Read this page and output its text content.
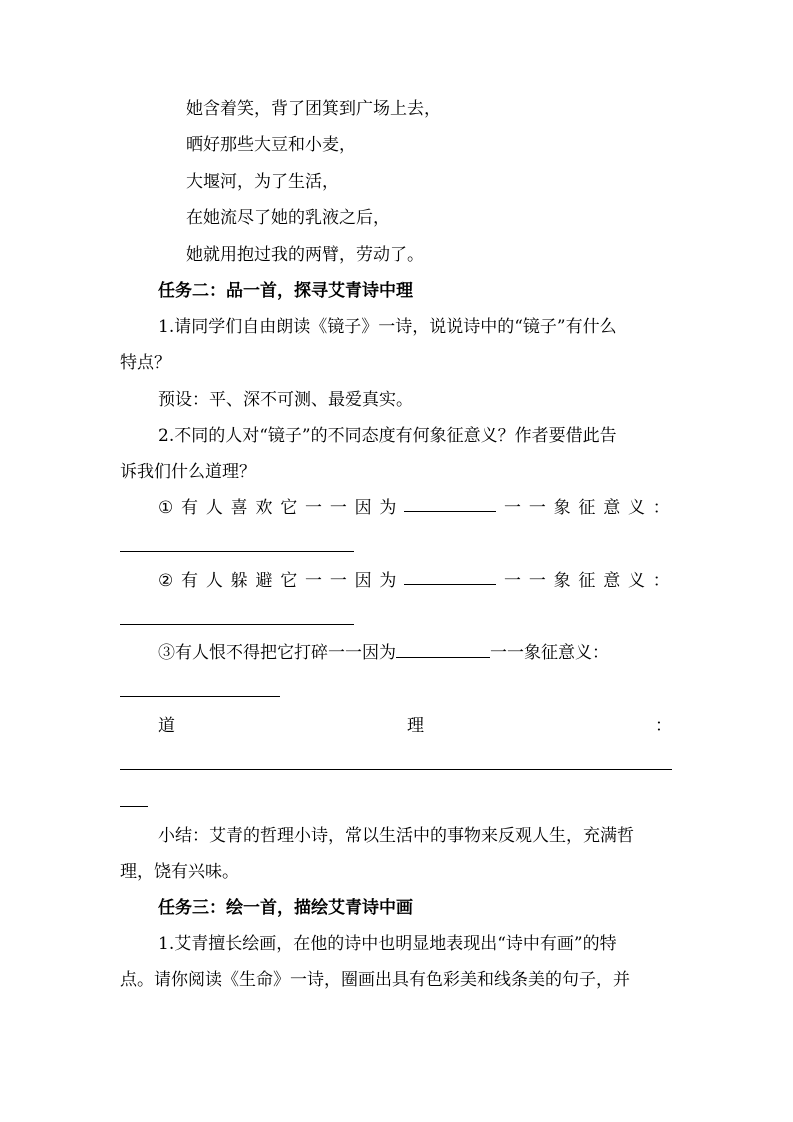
她含着笑，背了团箕到广场上去，
晒好那些大豆和小麦，
大堰河，为了生活，
在她流尽了她的乳液之后，
她就用抱过我的两臂，劳动了。
任务二：品一首，探寻艾青诗中理
1.请同学们自由朗读《镜子》一诗，说说诗中的“镜子”有什么
特点？
预设：平、深不可测、最爱真实。
2.不同的人对“镜子”的不同态度有何象征意义？作者要借此告
诉我们什么道理？
① 有 人 喜 欢 它 一 一 因 为	一 一 象 征 意 义 ：
② 有 人 躲 避 它 一 一 因 为	一 一 象 征 意 义 ：
③有人恨不得把它打碎一一因为	一一象征意义：
道	理	：
小结：艾青的哲理小诗，常以生活中的事物来反观人生，充满哲
理，饶有兴味。
任务三：绘一首，描绘艾青诗中画
1.艾青擅长绘画，在他的诗中也明显地表现出“诗中有画”的特
点。请你阅读《生命》一诗，圈画出具有色彩美和线条美的句子，并
